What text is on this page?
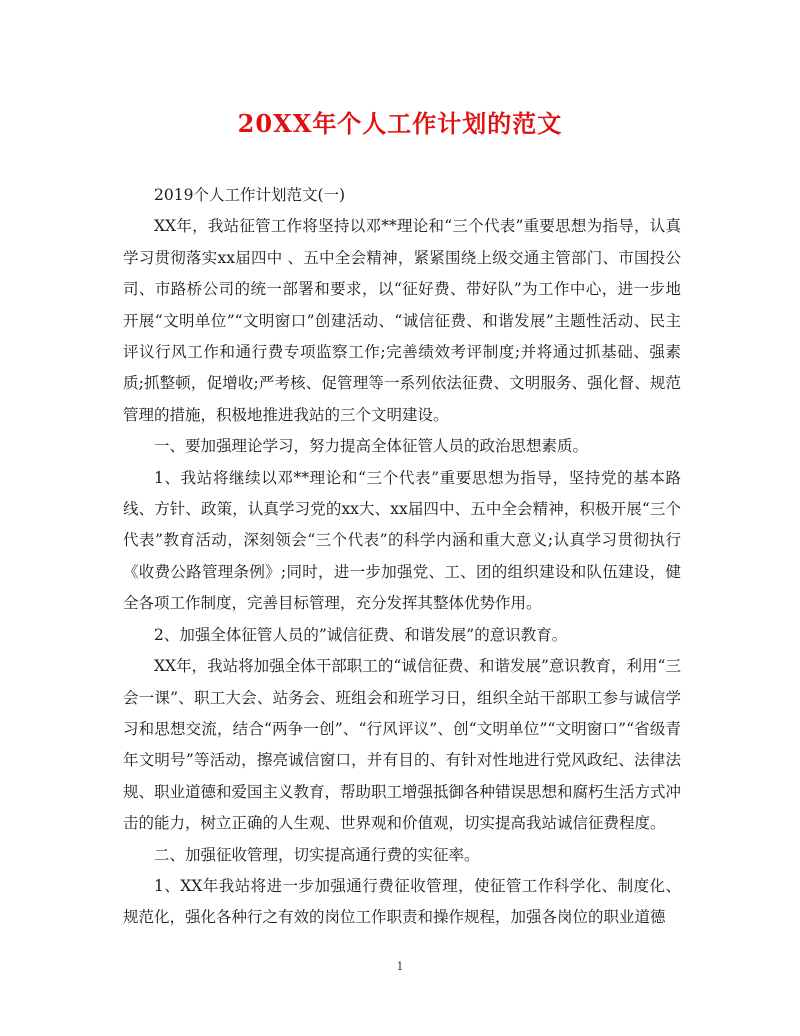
20XX年个人工作计划的范文

2019个人工作计划范文(一)

XX年，我站征管工作将坚持以邓**理论和“三个代表”重要思想为指导，认真学习贯彻落实xx届四中 、五中全会精神，紧紧围绕上级交通主管部门、市国投公司、市路桥公司的统一部署和要求，以“征好费、带好队”为工作中心，进一步地开展“文明单位”“文明窗口”创建活动、“诚信征费、和谐发展”主题性活动、民主评议行风工作和通行费专项监察工作;完善绩效考评制度;并将通过抓基础、强素质;抓整顿，促增收;严考核、促管理等一系列依法征费、文明服务、强化督、规范管理的措施，积极地推进我站的三个文明建设。

一、要加强理论学习，努力提高全体征管人员的政治思想素质。

1、我站将继续以邓**理论和“三个代表”重要思想为指导，坚持党的基本路线、方针、政策，认真学习党的xx大、xx届四中、五中全会精神，积极开展“三个代表”教育活动，深刻领会“三个代表”的科学内涵和重大意义;认真学习贯彻执行《收费公路管理条例》;同时，进一步加强党、工、团的组织建设和队伍建设，健全各项工作制度，完善目标管理，充分发挥其整体优势作用。

2、加强全体征管人员的”诚信征费、和谐发展”的意识教育。

XX年，我站将加强全体干部职工的“诚信征费、和谐发展”意识教育，利用“三会一课”、职工大会、站务会、班组会和班学习日，组织全站干部职工参与诚信学习和思想交流，结合“两争一创”、“行风评议”、创“文明单位”“文明窗口”“省级青年文明号”等活动，擦亮诚信窗口，并有目的、有针对性地进行党风政纪、法律法规、职业道德和爱国主义教育，帮助职工增强抵御各种错误思想和腐朽生活方式冲击的能力，树立正确的人生观、世界观和价值观，切实提高我站诚信征费程度。

二、加强征收管理，切实提高通行费的实征率。

1、XX年我站将进一步加强通行费征收管理，使征管工作科学化、制度化、规范化，强化各种行之有效的岗位工作职责和操作规程，加强各岗位的职业道德

1
